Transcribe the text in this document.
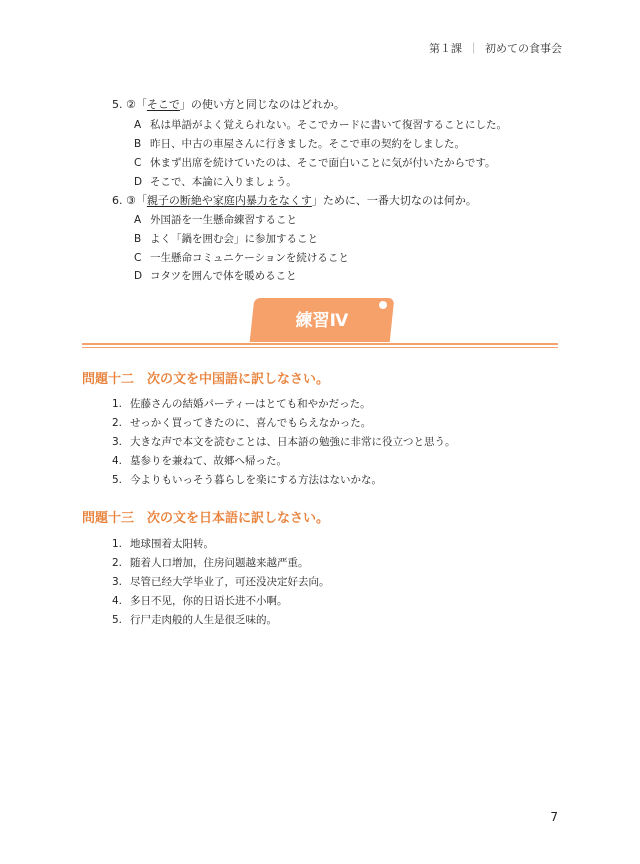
第１課 ｜ 初めての食事会
5. ②「そこで」の使い方と同じなのはどれか。
A 私は単語がよく覚えられない。そこでカードに書いて復習することにした。
B 昨日、中古の車屋さんに行きました。そこで車の契約をしました。
C 休まず出席を続けていたのは、そこで面白いことに気が付いたからです。
D そこで、本論に入りましょう。
6. ③「親子の断絶や家庭内暴力をなくす」ために、一番大切なのは何か。
A 外国語を一生懸命練習すること
B よく「鍋を囲む会」に参加すること
C 一生懸命コミュニケーションを続けること
D コタツを囲んで体を暖めること
練習Ⅳ
問題十二　次の文を中国語に訳しなさい。
1. 佐藤さんの結婚パーティーはとても和やかだった。
2. せっかく買ってきたのに、喜んでもらえなかった。
3. 大きな声で本文を読むことは、日本語の勉強に非常に役立つと思う。
4. 墓参りを兼ねて、故郷へ帰った。
5. 今よりもいっそう暮らしを楽にする方法はないかな。
問題十三　次の文を日本語に訳しなさい。
1. 地球围着太阳转。
2. 随着人口增加，住房问题越来越严重。
3. 尽管已经大学毕业了，可还没决定好去向。
4. 多日不见，你的日语长进不小啊。
5. 行尸走肉般的人生是很乏味的。
7
